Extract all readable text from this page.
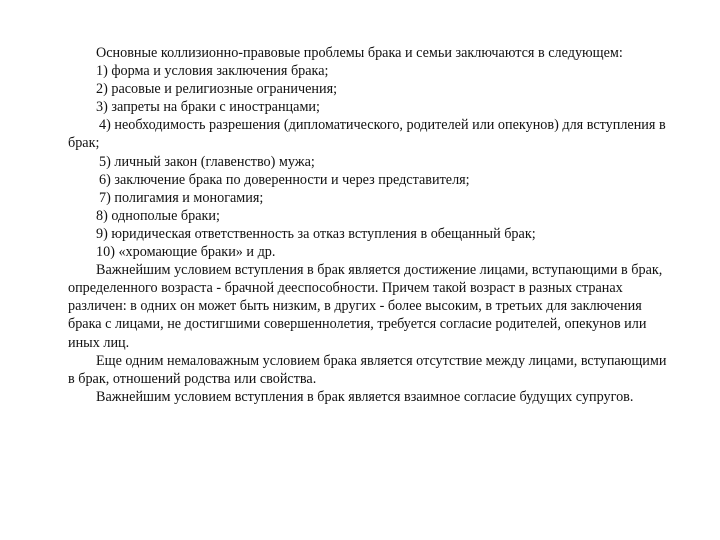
Основные коллизионно-правовые проблемы брака и семьи заключаются в следующем:

1) форма и условия заключения брака;

2) расовые и религиозные ограничения;

3) запреты на браки с иностранцами;

4) необходимость разрешения (дипломатического, родителей или опекунов) для вступления в брак;

5) личный закон (главенство) мужа;

6) заключение брака по доверенности и через представителя;

7) полигамия и моногамия;

8) однополые браки;

9) юридическая ответственность за отказ вступления в обещанный брак;

10) «хромающие браки» и др.

Важнейшим условием вступления в брак является достижение лицами, вступающими в брак, определенного возраста - брачной дееспособности. Причем такой возраст в разных странах различен: в одних он может быть низким, в других - более высоким, в третьих для заключения брака с лицами, не достигшими совершеннолетия, требуется согласие родителей, опекунов или иных лиц.

Еще одним немаловажным условием брака является отсутствие между лицами, вступающими в брак, отношений родства или свойства.

Важнейшим условием вступления в брак является взаимное согласие будущих супругов.
